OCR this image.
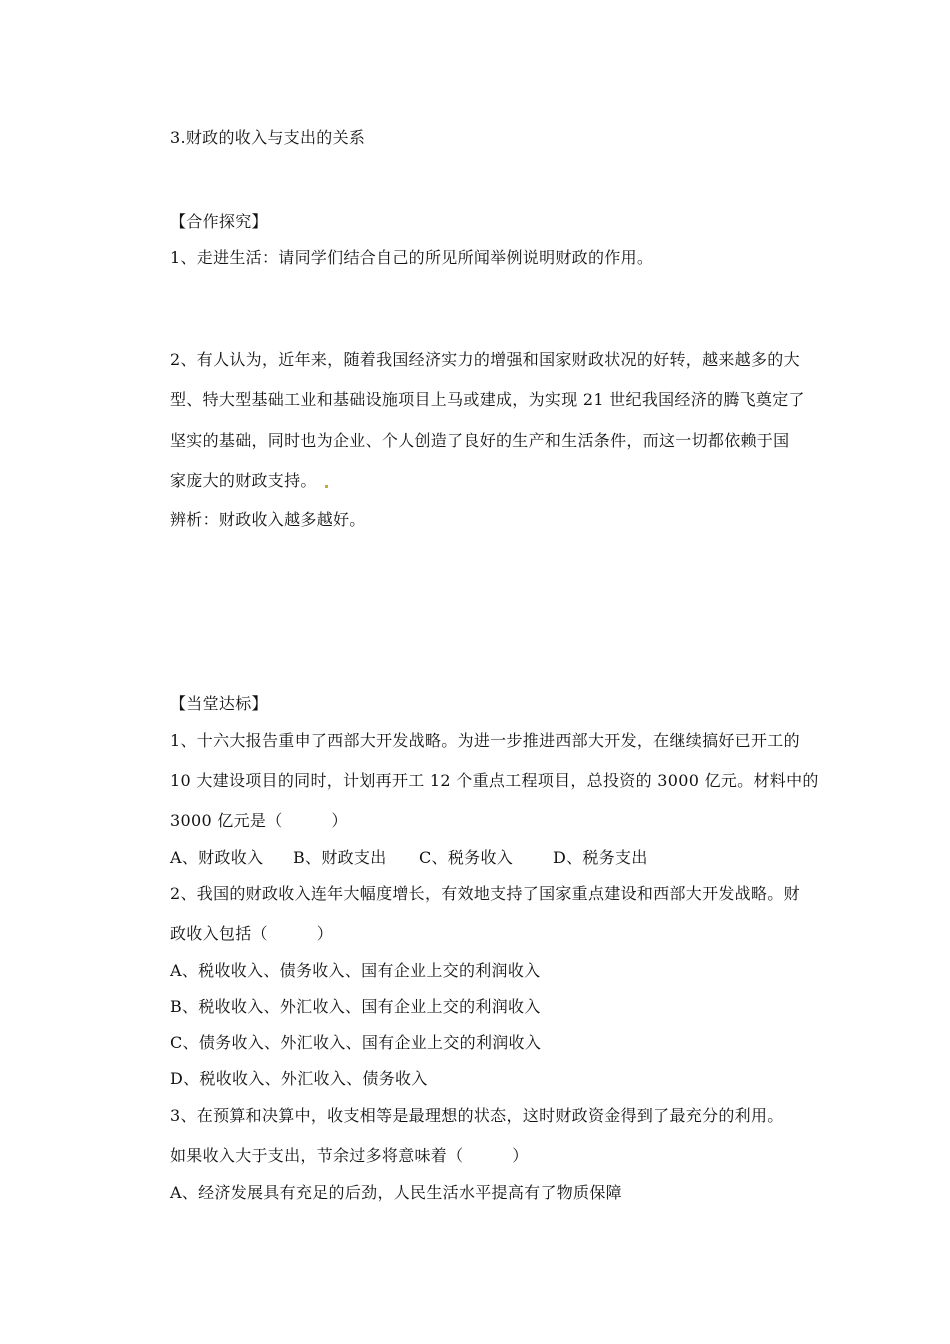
3.财政的收入与支出的关系

【合作探究】

1、走进生活：请同学们结合自己的所见所闻举例说明财政的作用。

2、有人认为，近年来，随着我国经济实力的增强和国家财政状况的好转，越来越多的大

型、特大型基础工业和基础设施项目上马或建成，为实现 21 世纪我国经济的腾飞奠定了

坚实的基础，同时也为企业、个人创造了良好的生产和生活条件，而这一切都依赖于国

家庞大的财政支持。

辨析：财政收入越多越好。

【当堂达标】

1、十六大报告重申了西部大开发战略。为进一步推进西部大开发，在继续搞好已开工的

10 大建设项目的同时，计划再开工 12 个重点工程项目，总投资的 3000 亿元。材料中的

3000 亿元是（　　　）

A、财政收入 B、财政支出 C、税务收入 D、税务支出

2、我国的财政收入连年大幅度增长，有效地支持了国家重点建设和西部大开发战略。财

政收入包括（　　　）

A、税收收入、债务收入、国有企业上交的利润收入

B、税收收入、外汇收入、国有企业上交的利润收入

C、债务收入、外汇收入、国有企业上交的利润收入

D、税收收入、外汇收入、债务收入

3、在预算和决算中，收支相等是最理想的状态，这时财政资金得到了最充分的利用。

如果收入大于支出，节余过多将意味着（　　　）

A、经济发展具有充足的后劲，人民生活水平提高有了物质保障
